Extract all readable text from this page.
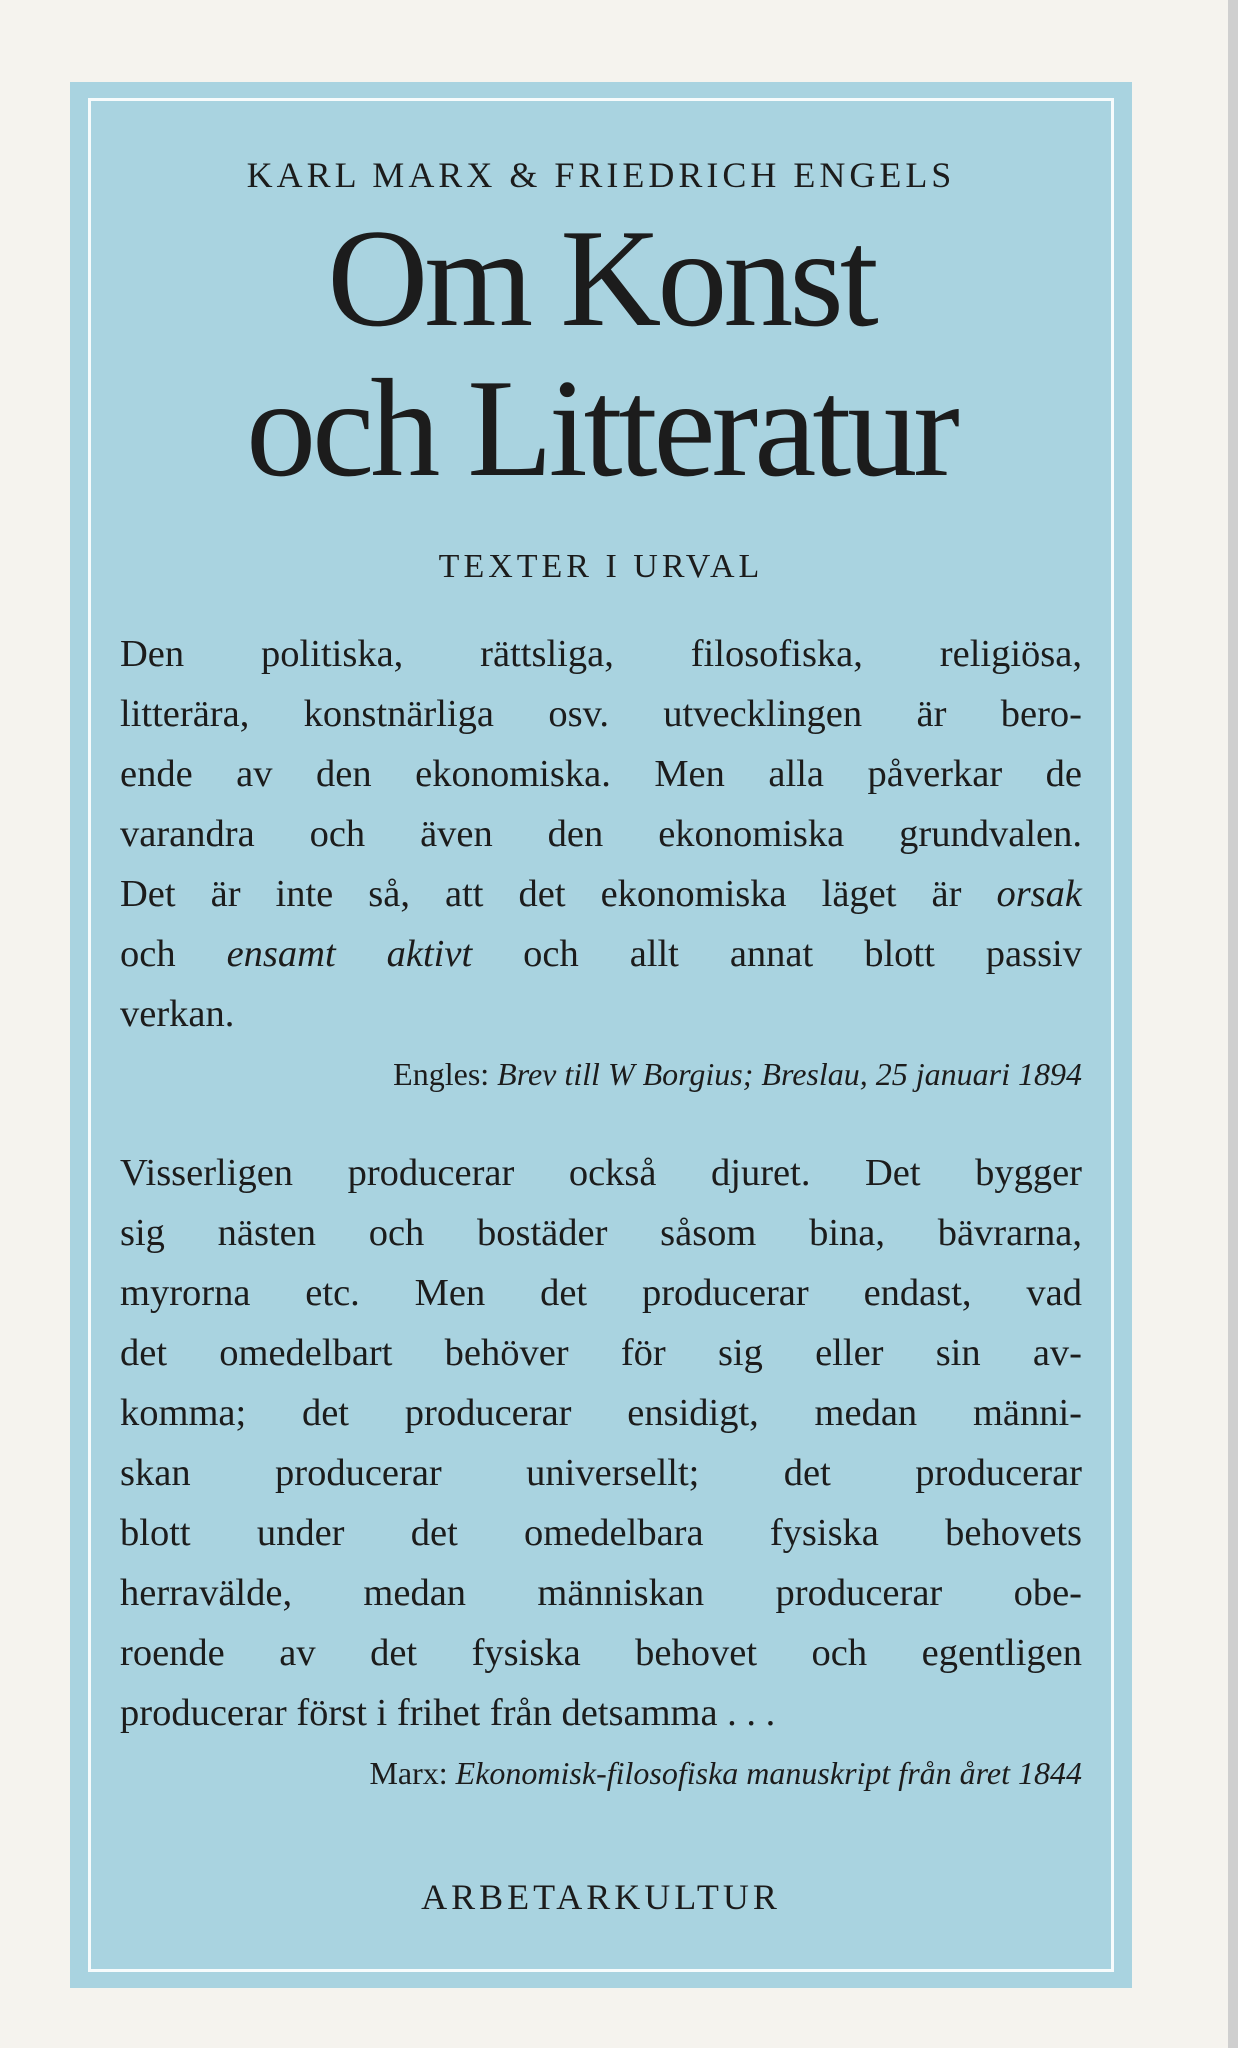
KARL MARX & FRIEDRICH ENGELS
Om Konst
och Litteratur
TEXTER I URVAL
Den politiska, rättsliga, filosofiska, religiösa,
litterära, konstnärliga osv. utvecklingen är bero-
ende av den ekonomiska. Men alla påverkar de
varandra och även den ekonomiska grundvalen.
Det är inte så, att det ekonomiska läget är orsak
och ensamt aktivt och allt annat blott passiv
verkan.
Engles: Brev till W Borgius; Breslau, 25 januari 1894
Visserligen producerar också djuret. Det bygger
sig nästen och bostäder såsom bina, bävrarna,
myrorna etc. Men det producerar endast, vad
det omedelbart behöver för sig eller sin av-
komma; det producerar ensidigt, medan männi-
skan producerar universellt; det producerar
blott under det omedelbara fysiska behovets
herravälde, medan människan producerar obe-
roende av det fysiska behovet och egentligen
producerar först i frihet från detsamma . . .
Marx: Ekonomisk-filosofiska manuskript från året 1844
ARBETARKULTUR
